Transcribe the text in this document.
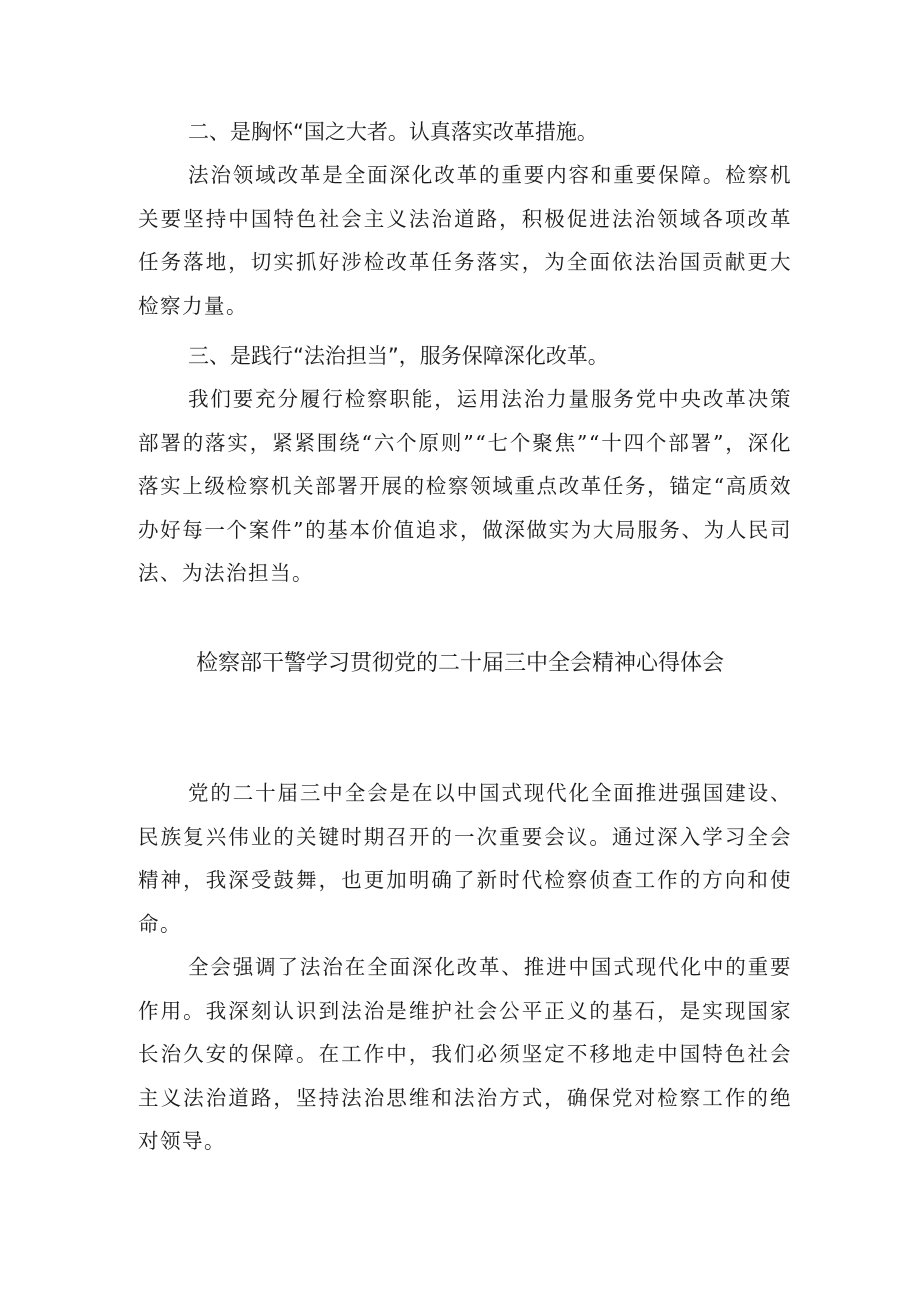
二、是胸怀“国之大者。认真落实改革措施。

法治领域改革是全面深化改革的重要内容和重要保障。检察机关要坚持中国特色社会主义法治道路，积极促进法治领域各项改革任务落地，切实抓好涉检改革任务落实，为全面依法治国贡献更大检察力量。

三、是践行“法治担当”，服务保障深化改革。

我们要充分履行检察职能，运用法治力量服务党中央改革决策部署的落实，紧紧围绕“六个原则”“七个聚焦”“十四个部署”，深化落实上级检察机关部署开展的检察领域重点改革任务，锚定“高质效办好每一个案件”的基本价值追求，做深做实为大局服务、为人民司法、为法治担当。

检察部干警学习贯彻党的二十届三中全会精神心得体会

党的二十届三中全会是在以中国式现代化全面推进强国建设、民族复兴伟业的关键时期召开的一次重要会议。通过深入学习全会精神，我深受鼓舞，也更加明确了新时代检察侦查工作的方向和使命。

全会强调了法治在全面深化改革、推进中国式现代化中的重要作用。我深刻认识到法治是维护社会公平正义的基石，是实现国家长治久安的保障。在工作中，我们必须坚定不移地走中国特色社会主义法治道路，坚持法治思维和法治方式，确保党对检察工作的绝对领导。
